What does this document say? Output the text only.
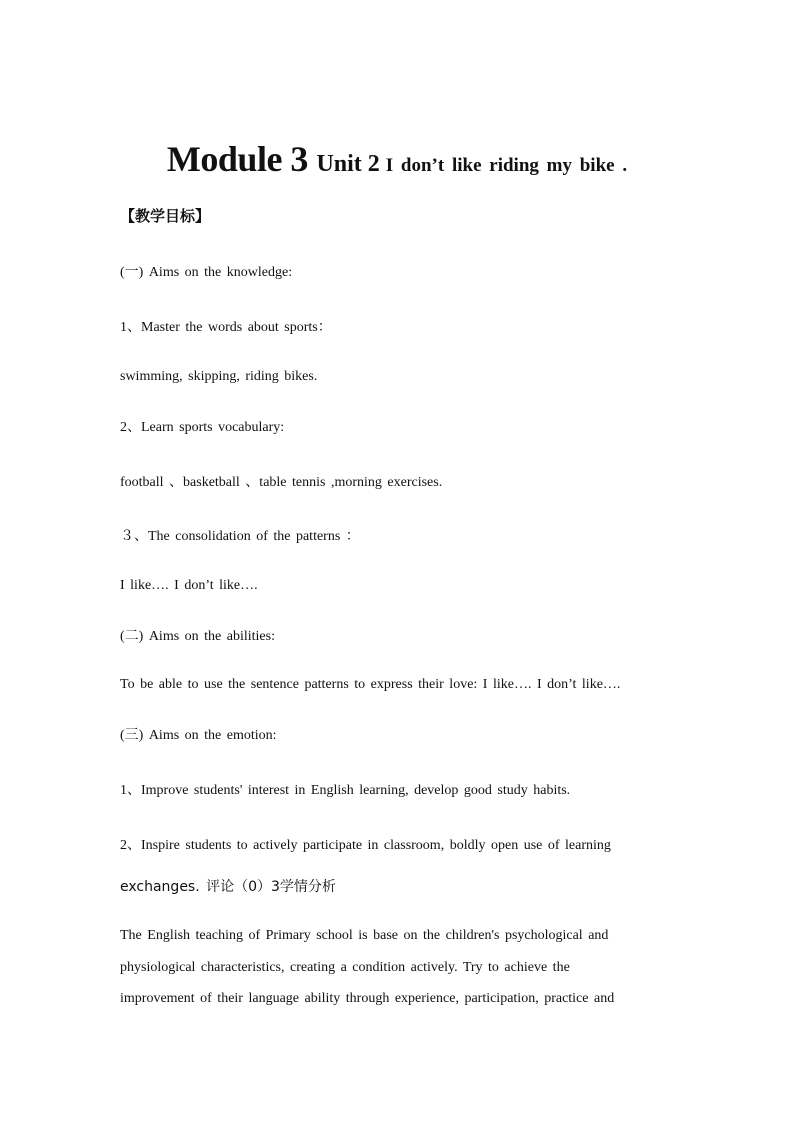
Module 3 Unit 2 I don’t like riding my bike .
【教学目标】
(一) Aims on the knowledge:
1、Master the words about sports：
swimming, skipping, riding bikes.
2、Learn sports vocabulary:
football 、basketball 、table tennis ,morning exercises.
３、The consolidation of the patterns ：
I like…. I don’t like….
(二) Aims on the abilities:
To be able to use the sentence patterns to express their love: I like…. I don’t like….
(三) Aims on the emotion:
1、Improve students' interest in English learning, develop good study habits.
2、Inspire students to actively participate in classroom, boldly open use of learning
exchanges. 评论（0）3学情分析
The English teaching of Primary school is base on the children's psychological and
physiological characteristics, creating a condition actively. Try to achieve the
improvement of their language ability through experience, participation, practice and
